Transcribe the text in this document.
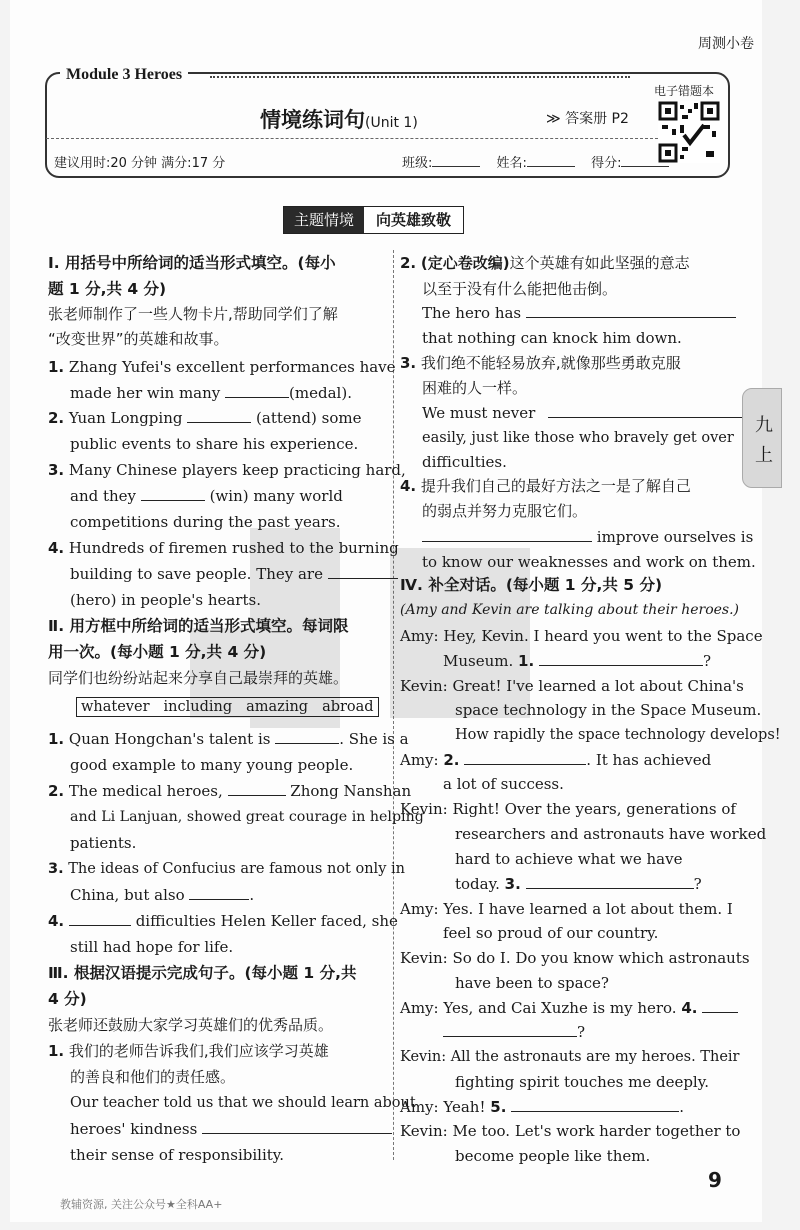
周测小卷
Module 3 Heroes
情境练词句(Unit 1)	≫ 答案册 P2
建议用时:20 分钟 满分:17 分	班级:	姓名:	得分:
电子错题本
主题情境	向英雄致敬
Ⅰ. 用括号中所给词的适当形式填空。(每小
题 1 分,共 4 分)
张老师制作了一些人物卡片,帮助同学们了解
“改变世界”的英雄和故事。
1. Zhang Yufei's excellent performances have
made her win many	(medal).
2. Yuan Longping	(attend) some
public events to share his experience.
3. Many Chinese players keep practicing hard,
and they	(win) many world
competitions during the past years.
4. Hundreds of firemen rushed to the burning
building to save people. They are
(hero) in people's hearts.
Ⅱ. 用方框中所给词的适当形式填空。每词限
用一次。(每小题 1 分,共 4 分)
同学们也纷纷站起来分享自己最崇拜的英雄。
whatever including amazing abroad
1. Quan Hongchan's talent is	. She is a
good example to many young people.
2. The medical heroes,	Zhong Nanshan
and Li Lanjuan, showed great courage in helping
patients.
3. The ideas of Confucius are famous not only in
China, but also	.
4.	difficulties Helen Keller faced, she
still had hope for life.
Ⅲ. 根据汉语提示完成句子。(每小题 1 分,共
4 分)
张老师还鼓励大家学习英雄们的优秀品质。
1. 我们的老师告诉我们,我们应该学习英雄
的善良和他们的责任感。
Our teacher told us that we should learn about
heroes' kindness
their sense of responsibility.
2. (定心卷改编)这个英雄有如此坚强的意志
以至于没有什么能把他击倒。
The hero has
that nothing can knock him down.
3. 我们绝不能轻易放弃,就像那些勇敢克服
困难的人一样。
We must never
easily, just like those who bravely get over
difficulties.
4. 提升我们自己的最好方法之一是了解自己
的弱点并努力克服它们。
improve ourselves is
to know our weaknesses and work on them.
Ⅳ. 补全对话。(每小题 1 分,共 5 分)
(Amy and Kevin are talking about their heroes.)
Amy: Hey, Kevin. I heard you went to the Space
Museum. 1.	?
Kevin: Great! I've learned a lot about China's
space technology in the Space Museum.
How rapidly the space technology develops!
Amy: 2.	. It has achieved
a lot of success.
Kevin: Right! Over the years, generations of
researchers and astronauts have worked
hard to achieve what we have
today. 3.	?
Amy: Yes. I have learned a lot about them. I
feel so proud of our country.
Kevin: So do I. Do you know which astronauts
have been to space?
Amy: Yes, and Cai Xuzhe is my hero. 4.
?
Kevin: All the astronauts are my heroes. Their
fighting spirit touches me deeply.
Amy: Yeah! 5.	.
Kevin: Me too. Let's work harder together to
become people like them.
九
上
9
教辅资源, 关注公众号★全科AA+
